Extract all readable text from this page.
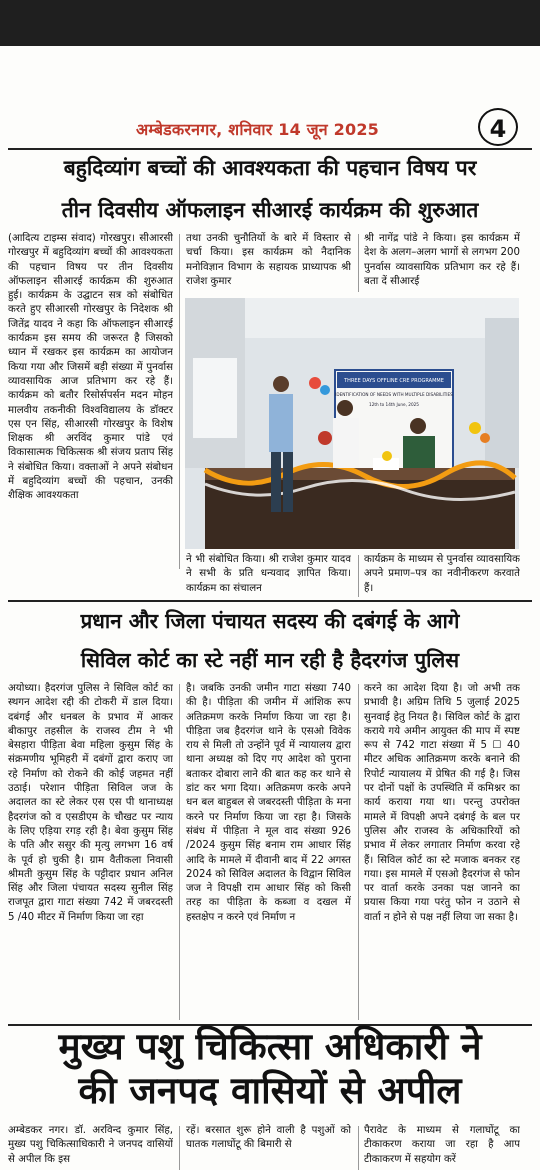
अम्बेडकरनगर, शनिवार 14 जून 2025	4
बहुदिव्यांग बच्चों की आवश्यकता की पहचान विषय पर
तीन दिवसीय ऑफलाइन सीआरई कार्यक्रम की शुरुआत
(आदित्य टाइम्स संवाद) गोरखपुर। सीआरसी गोरखपुर में बहुदिव्यांग बच्चों की आवश्यकता की पहचान विषय पर तीन दिवसीय ऑफलाइन सीआरई कार्यक्रम की शुरुआत हुई। कार्यक्रम के उद्घाटन सत्र को संबोधित करते हुए सीआरसी गोरखपुर के निदेशक श्री जितेंद्र यादव ने कहा कि ऑफलाइन सीआरई कार्यक्रम इस समय की जरूरत है जिसको ध्यान में रखकर इस कार्यक्रम का आयोजन किया गया और जिसमें बड़ी संख्या में पुनर्वास व्यावसायिक आज प्रतिभाग कर रहे हैं। कार्यक्रम को बतौर रिसोर्सपर्सन मदन मोहन मालवीय तकनीकी विश्वविद्यालय के डॉक्टर एस एन सिंह, सीआरसी गोरखपुर के विशेष शिक्षक श्री अरविंद कुमार पांडे एवं विकासात्मक चिकित्सक श्री संजय प्रताप सिंह ने संबोधित किया। वक्ताओं ने अपने संबोधन में बहुदिव्यांग बच्चों की पहचान, उनकी शैक्षिक आवश्यकता
तथा उनकी चुनौतियों के बारे में विस्तार से चर्चा किया। इस कार्यक्रम को नैदानिक मनोविज्ञान विभाग के सहायक प्राध्यापक श्री राजेश कुमार
श्री नागेंद्र पांडे ने किया। इस कार्यक्रम में देश के अलग–अलग भागों से लगभग 200 पुनर्वास व्यावसायिक प्रतिभाग कर रहे हैं। बता दें सीआरई
THREE DAYS OFFLINE CRE PROGRAMME
IDENTIFICATION OF NEEDS WITH MULTIPLE DISABILITIES
12th to 14th June, 2025
ने भी संबोधित किया। श्री राजेश कुमार यादव ने सभी के प्रति धन्यवाद ज्ञापित किया। कार्यक्रम का संचालन
कार्यक्रम के माध्यम से पुनर्वास व्यावसायिक अपने प्रमाण–पत्र का नवीनीकरण करवाते हैं।
प्रधान और जिला पंचायत सदस्य की दबंगई के आगे
सिविल कोर्ट का स्टे नहीं मान रही है हैदरगंज पुलिस
अयोध्या। हैदरगंज पुलिस ने सिविल कोर्ट का स्थगन आदेश रद्दी की टोकरी में डाल दिया। दबंगई और धनबल के प्रभाव में आकर बीकापुर तहसील के राजस्व टीम ने भी बेसहारा पीड़िता बेवा महिला कुसुम सिंह के संक्रमणीय भूमिहरी में दबंगों द्वारा कराए जा रहे निर्माण को रोकने की कोई जहमत नहीं उठाई। परेशान पीड़िता सिविल जज के अदालत का स्टे लेकर एस एस पी थानाध्यक्ष हैदरगंज को व एसडीएम के चौखट पर न्याय के लिए एड़िया रगड़ रही है। बेवा कुसुम सिंह के पति और ससुर की मृत्यु लगभग 16 वर्ष के पूर्व हो चुकी है। ग्राम वैतीकला निवासी श्रीमती कुसुम सिंह के पट्टीदार प्रधान अनिल सिंह और जिला पंचायत सदस्य सुनील सिंह राजपूत द्वारा गाटा संख्या 742 में जबरदस्ती 5 /40 मीटर में निर्माण किया जा रहा
है। जबकि उनकी जमीन गाटा संख्या 740 की है। पीड़िता की जमीन में आंशिक रूप अतिक्रमण करके निर्माण किया जा रहा है। पीड़िता जब हैदरगंज थाने के एसओ विवेक राय से मिली तो उन्होंने पूर्व में न्यायालय द्वारा थाना अध्यक्ष को दिए गए आदेश को पुराना बताकर दोबारा लाने की बात कह कर थाने से डांट कर भगा दिया। अतिक्रमण करके अपने धन बल बाहुबल से जबरदस्ती पीड़िता के मना करने पर निर्माण किया जा रहा है। जिसके संबंध में पीड़िता ने मूल वाद संख्या 926 /2024 कुसुम सिंह बनाम राम आधार सिंह आदि के मामले में दीवानी बाद में 22 अगस्त 2024 को सिविल अदालत के विद्वान सिविल जज ने विपक्षी राम आधार सिंह को किसी तरह का पीड़िता के कब्जा व दखल में हस्तक्षेप न करने एवं निर्माण न
करने का आदेश दिया है। जो अभी तक प्रभावी है। अग्रिम तिथि 5 जुलाई 2025 सुनवाई हेतु नियत है। सिविल कोर्ट के द्वारा कराये गये अमीन आयुक्त की माप में स्पष्ट रूप से 742 गाटा संख्या में 5 ☐ 40 मीटर अधिक आतिक्रमण करके बनाने की रिपोर्ट न्यायालय में प्रेषित की गई है। जिस पर दोनों पक्षों के उपस्थिति में कमिश्नर का कार्य कराया गया था। परन्तु उपरोक्त मामले में विपक्षी अपने दबंगई के बल पर पुलिस और राजस्व के अधिकारियों को प्रभाव में लेकर लगातार निर्माण करवा रहे हैं। सिविल कोर्ट का स्टे मजाक बनकर रह गया। इस मामले में एसओ हैदरगंज से फोन पर वार्ता करके उनका पक्ष जानने का प्रयास किया गया परंतु फोन न उठाने से वार्ता न होने से पक्ष नहीं लिया जा सका है।
मुख्य पशु चिकित्सा अधिकारी ने
की जनपद वासियों से अपील
अम्बेडकर नगर। डॉ. अरविन्द कुमार सिंह, मुख्य पशु चिकित्साधिकारी ने जनपद वासियों से अपील कि इस
रहें। बरसात शुरू होने वाली है पशुओं को घातक गलाघोंटू की बिमारी से
पैरावेट के माध्यम से गलाघोंटू का टीकाकरण कराया जा रहा है आप टीकाकरण में सहयोग करें
